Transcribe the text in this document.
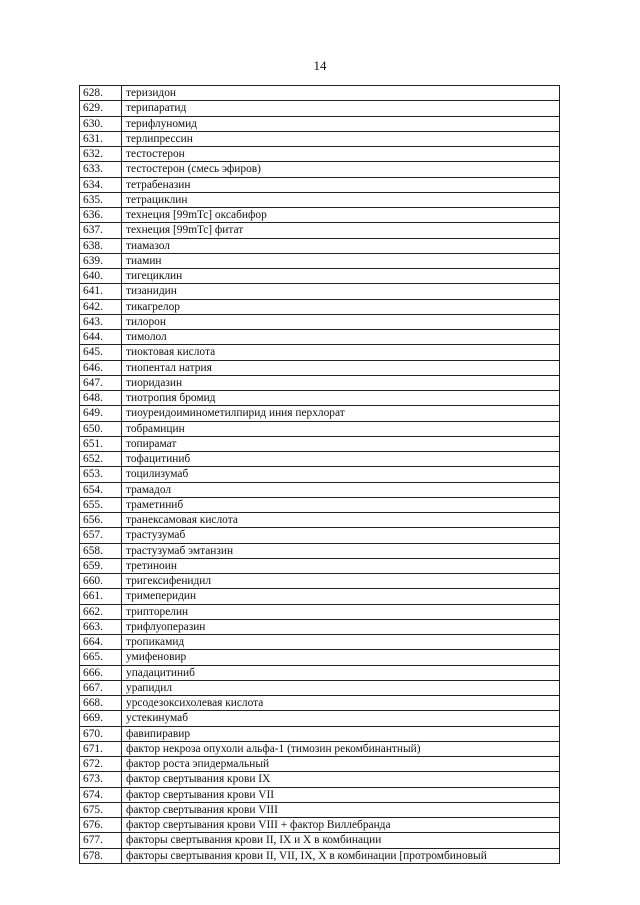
14
628.	теризидон
629.	терипаратид
630.	терифлуномид
631.	терлипрессин
632.	тестостерон
633.	тестостерон (смесь эфиров)
634.	тетрабеназин
635.	тетрациклин
636.	технеция [99mTc] оксабифор
637.	технеция [99mTc] фитат
638.	тиамазол
639.	тиамин
640.	тигециклин
641.	тизанидин
642.	тикагрелор
643.	тилорон
644.	тимолол
645.	тиоктовая кислота
646.	тиопентал натрия
647.	тиоридазин
648.	тиотропия бромид
649.	тиоуреидоиминометилпирид иния перхлорат
650.	тобрамицин
651.	топирамат
652.	тофацитиниб
653.	тоцилизумаб
654.	трамадол
655.	траметиниб
656.	транексамовая кислота
657.	трастузумаб
658.	трастузумаб эмтанзин
659.	третиноин
660.	тригексифенидил
661.	тримеперидин
662.	трипторелин
663.	трифлуоперазин
664.	тропикамид
665.	умифеновир
666.	упадацитиниб
667.	урапидил
668.	урсодезоксихолевая кислота
669.	устекинумаб
670.	фавипиравир
671.	фактор некроза опухоли альфа-1 (тимозин рекомбинантный)
672.	фактор роста эпидермальный
673.	фактор свертывания крови IX
674.	фактор свертывания крови VII
675.	фактор свертывания крови VIII
676.	фактор свертывания крови VIII + фактор Виллебранда
677.	факторы свертывания крови II, IX и X в комбинации
678.	факторы свертывания крови II, VII, IX, X в комбинации [протромбиновый
